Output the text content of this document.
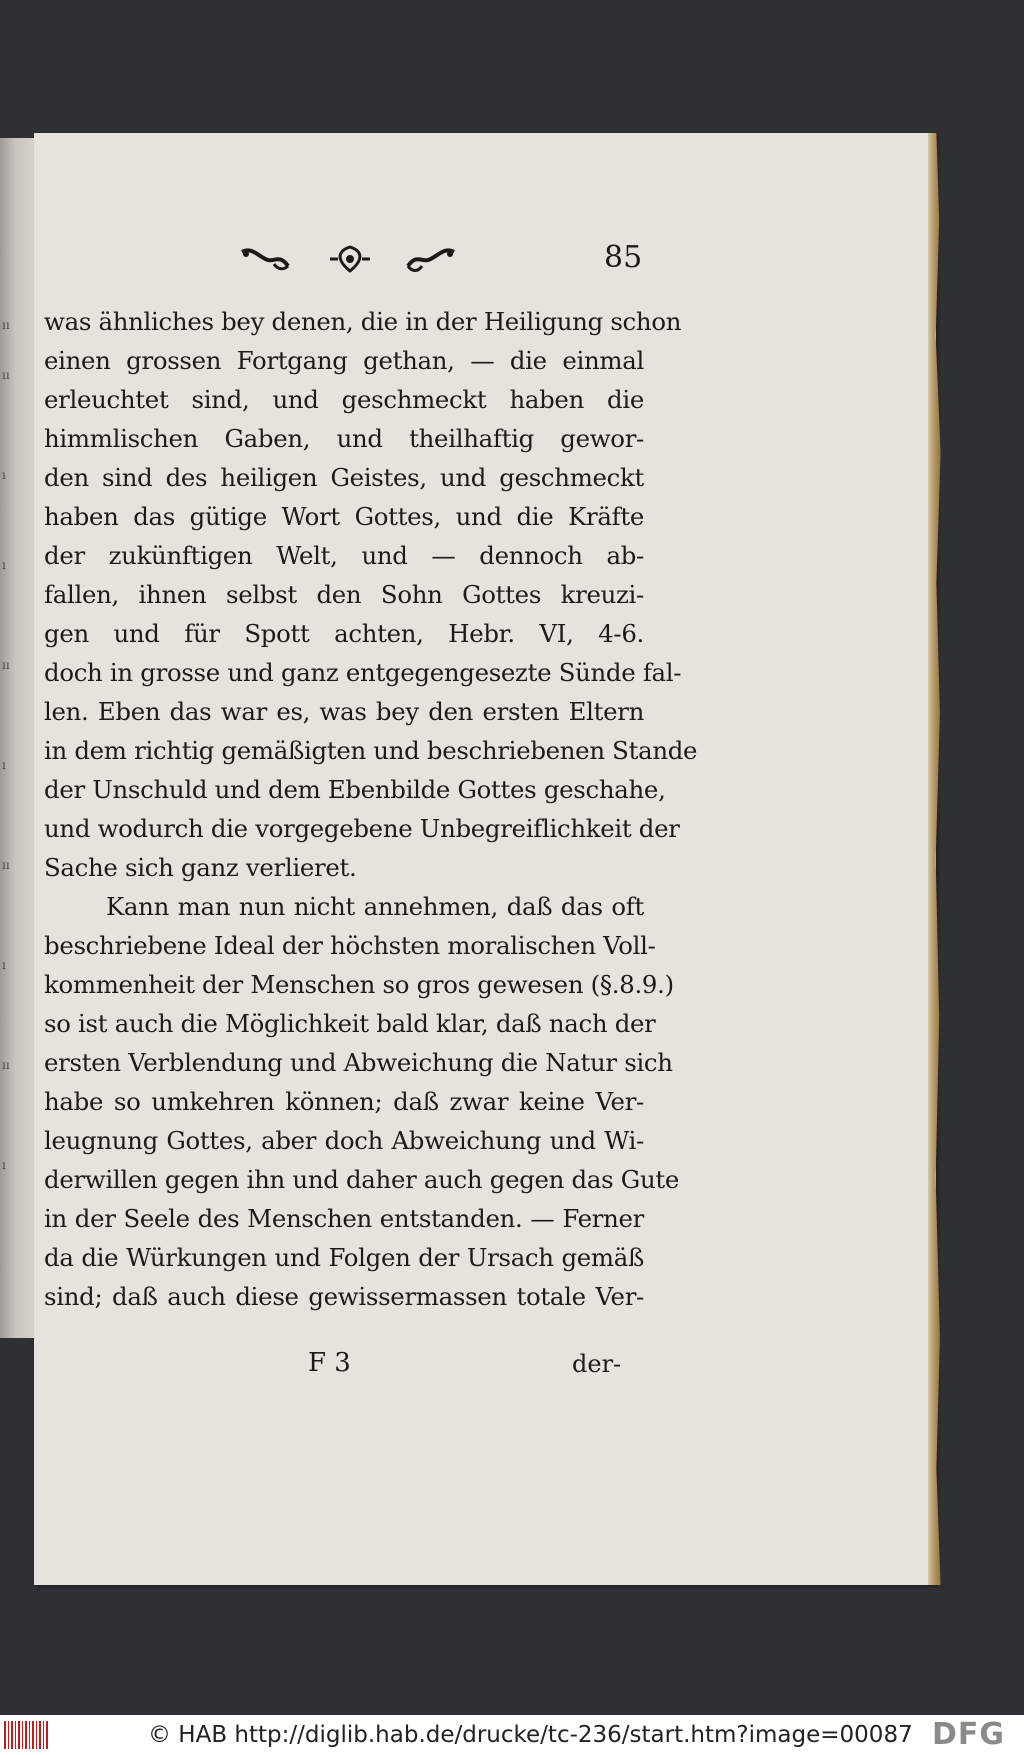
ıı
ıı
ı
ı
ıı
ı
ıı
ı
ıı
ı
85
was ähnliches bey denen, die in der Heiligung schon
einen grossen Fortgang gethan, — die einmal
erleuchtet sind, und geschmeckt haben die
himmlischen Gaben, und theilhaftig gewor-
den sind des heiligen Geistes, und geschmeckt
haben das gütige Wort Gottes, und die Kräfte
der zukünftigen Welt, und — dennoch ab-
fallen, ihnen selbst den Sohn Gottes kreuzi-
gen und für Spott achten, Hebr. VI, 4-6.
doch in grosse und ganz entgegengesezte Sünde fal-
len. Eben das war es, was bey den ersten Eltern
in dem richtig gemäßigten und beschriebenen Stande
der Unschuld und dem Ebenbilde Gottes geschahe,
und wodurch die vorgegebene Unbegreiflichkeit der
Sache sich ganz verlieret.
Kann man nun nicht annehmen, daß das oft
beschriebene Ideal der höchsten moralischen Voll-
kommenheit der Menschen so gros gewesen (§.8.9.)
so ist auch die Möglichkeit bald klar, daß nach der
ersten Verblendung und Abweichung die Natur sich
habe so umkehren können; daß zwar keine Ver-
leugnung Gottes, aber doch Abweichung und Wi-
derwillen gegen ihn und daher auch gegen das Gute
in der Seele des Menschen entstanden. — Ferner
da die Würkungen und Folgen der Ursach gemäß
sind; daß auch diese gewissermassen totale Ver-
F 3	der-
© HAB http://diglib.hab.de/drucke/tc-236/start.htm?image=00087 DFG
